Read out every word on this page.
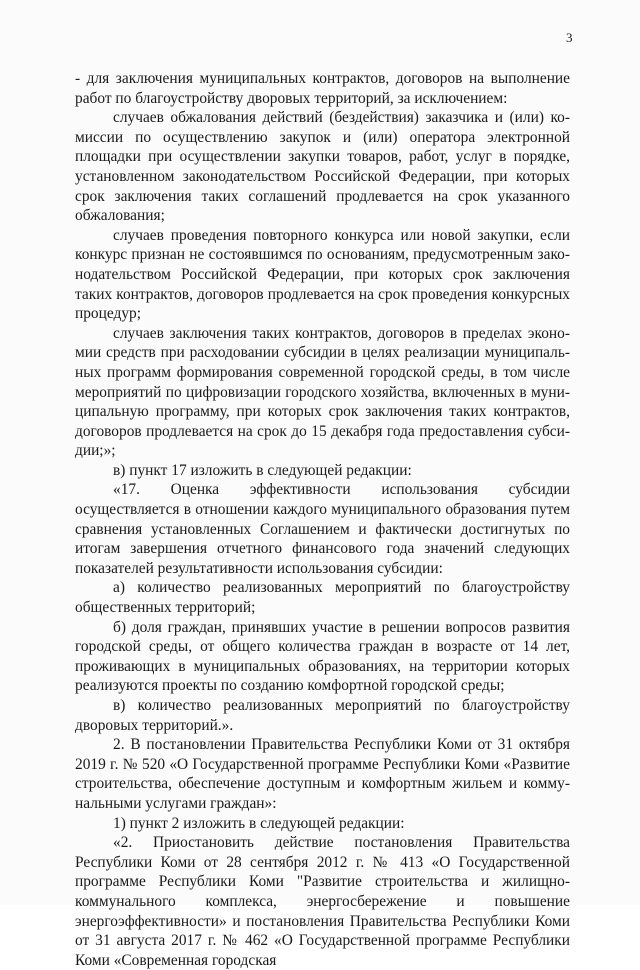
3

- для заключения муниципальных контрактов, договоров на выполнение работ по благоустройству дворовых территорий, за исключением:

случаев обжалования действий (бездействия) заказчика и (или) комиссии по осуществлению закупок и (или) оператора электронной площадки при осуществлении закупки товаров, работ, услуг в порядке, установленном законодательством Российской Федерации, при которых срок заключения таких соглашений продлевается на срок указанного обжалования;

случаев проведения повторного конкурса или новой закупки, если конкурс признан не состоявшимся по основаниям, предусмотренным законодательством Российской Федерации, при которых срок заключения таких контрактов, договоров продлевается на срок проведения конкурсных процедур;

случаев заключения таких контрактов, договоров в пределах экономии средств при расходовании субсидии в целях реализации муниципальных программ формирования современной городской среды, в том числе мероприятий по цифровизации городского хозяйства, включенных в муниципальную программу, при которых срок заключения таких контрактов, договоров продлевается на срок до 15 декабря года предоставления субсидии;»;

в) пункт 17 изложить в следующей редакции:

«17. Оценка эффективности использования субсидии осуществляется в отношении каждого муниципального образования путем сравнения установленных Соглашением и фактически достигнутых по итогам завершения отчетного финансового года значений следующих показателей результативности использования субсидии:

а) количество реализованных мероприятий по благоустройству общественных территорий;

б) доля граждан, принявших участие в решении вопросов развития городской среды, от общего количества граждан в возрасте от 14 лет, проживающих в муниципальных образованиях, на территории которых реализуются проекты по созданию комфортной городской среды;

в) количество реализованных мероприятий по благоустройству дворовых территорий.».

2. В постановлении Правительства Республики Коми от 31 октября 2019 г. № 520 «О Государственной программе Республики Коми «Развитие строительства, обеспечение доступным и комфортным жильем и коммунальными услугами граждан»:

1) пункт 2 изложить в следующей редакции:

«2. Приостановить действие постановления Правительства Республики Коми от 28 сентября 2012 г. № 413 «О Государственной программе Республики Коми "Развитие строительства и жилищно-коммунального комплекса, энергосбережение и повышение энергоэффективности» и постановления Правительства Республики Коми от 31 августа 2017 г. № 462 «О Государственной программе Республики Коми «Современная городская
